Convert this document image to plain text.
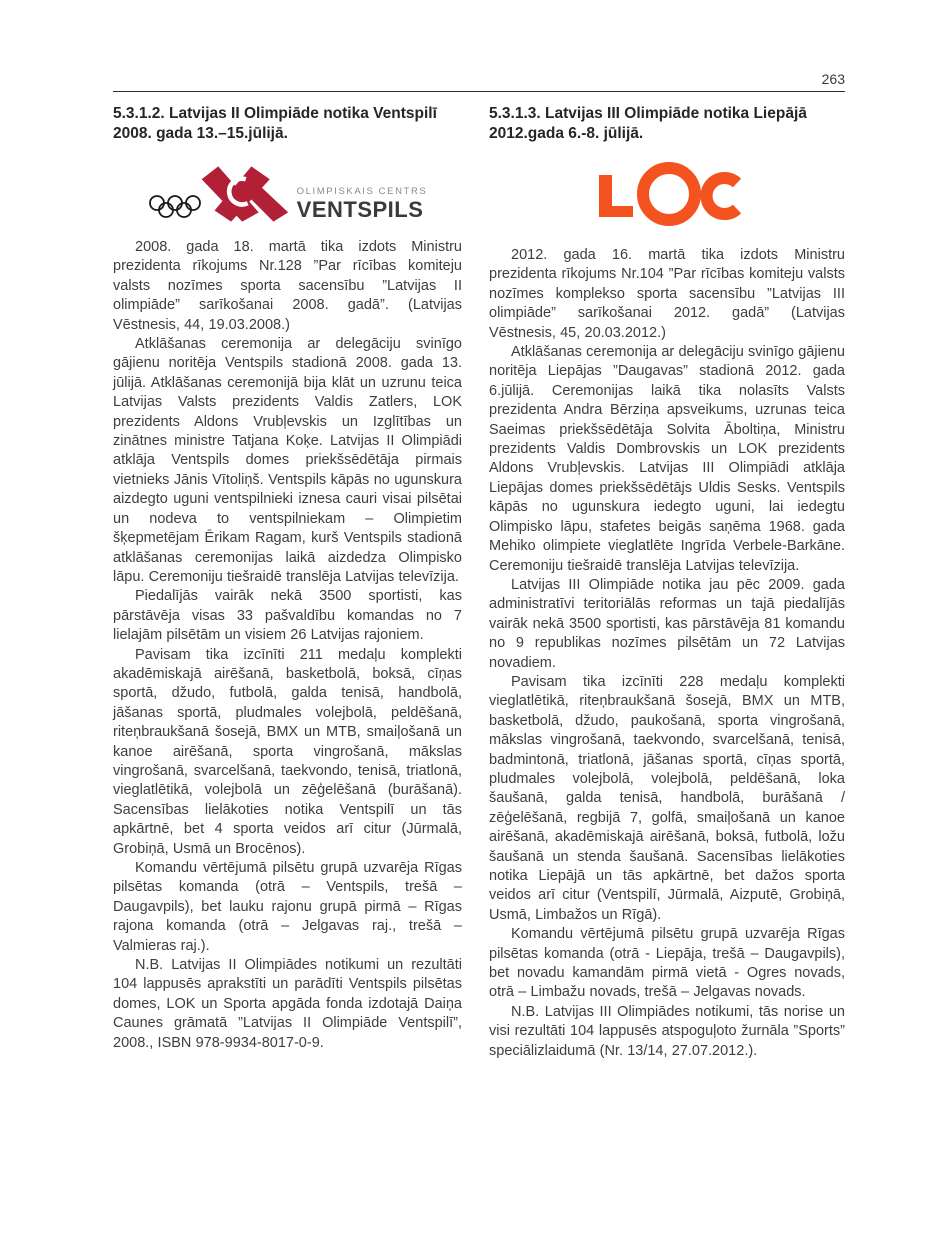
263
5.3.1.2. Latvijas II Olimpiāde notika Ventspilī
2008. gada 13.–15.jūlijā.
OLIMPISKAIS CENTRS
VENTSPILS

2008. gada 18. martā tika izdots Ministru prezidenta rīkojums Nr.128 ”Par rīcības komiteju valsts nozīmes sporta sacensību ”Latvijas II olimpiāde” sarīkošanai 2008. gadā”. (Latvijas Vēstnesis, 44, 19.03.2008.)

Atklāšanas ceremonija ar delegāciju svinīgo gājienu noritēja Ventspils stadionā 2008. gada 13. jūlijā. Atklāšanas ceremonijā bija klāt un uzrunu teica Latvijas Valsts prezidents Valdis Zatlers, LOK prezidents Aldons Vrubļevskis un Izglītības un zinātnes ministre Tatjana Koķe. Latvijas II Olimpiādi atklāja Ventspils domes priekšsēdētāja pirmais vietnieks Jānis Vītoliņš. Ventspils kāpās no ugunskura aizdegto uguni ventspilnieki iznesa cauri visai pilsētai un nodeva to ventspilniekam – Olimpietim šķepmetējam Ērikam Ragam, kurš Ventspils stadionā atklāšanas ceremonijas laikā aizdedza Olimpisko lāpu. Ceremoniju tiešraidē translēja Latvijas televīzija.

Piedalījās vairāk nekā 3500 sportisti, kas pārstāvēja visas 33 pašvaldību komandas no 7 lielajām pilsētām un visiem 26 Latvijas rajoniem.

Pavisam tika izcīnīti 211 medaļu komplekti akadēmiskajā airēšanā, basketbolā, boksā, cīņas sportā, džudo, futbolā, galda tenisā, handbolā, jāšanas sportā, pludmales volejbolā, peldēšanā, riteņbraukšanā šosejā, BMX un MTB, smaiļošanā un kanoe airēšanā, sporta vingrošanā, mākslas vingrošanā, svarcelšanā, taekvondo, tenisā, triatlonā, vieglatlētikā, volejbolā un zēģelēšanā (burāšanā). Sacensības lielākoties notika Ventspilī un tās apkārtnē, bet 4 sporta veidos arī citur (Jūrmalā, Grobiņā, Usmā un Brocēnos).

Komandu vērtējumā pilsētu grupā uzvarēja Rīgas pilsētas komanda (otrā – Ventspils, trešā – Daugavpils), bet lauku rajonu grupā pirmā – Rīgas rajona komanda (otrā – Jelgavas raj., trešā – Valmieras raj.).

N.B. Latvijas II Olimpiādes notikumi un rezultāti 104 lappusēs aprakstīti un parādīti Ventspils pilsētas domes, LOK un Sporta apgāda fonda izdotajā Daiņa Caunes grāmatā ”Latvijas II Olimpiāde Ventspilī”, 2008., ISBN 978-9934-8017-0-9.

5.3.1.3. Latvijas III Olimpiāde notika Liepājā
2012.gada 6.-8. jūlijā.

2012. gada 16. martā tika izdots Ministru prezidenta rīkojums Nr.104 ”Par rīcības komiteju valsts nozīmes komplekso sporta sacensību ”Latvijas III olimpiāde” sarīkošanai 2012. gadā” (Latvijas Vēstnesis, 45, 20.03.2012.)

Atklāšanas ceremonija ar delegāciju svinīgo gājienu noritēja Liepājas ”Daugavas” stadionā 2012. gada 6.jūlijā. Ceremonijas laikā tika nolasīts Valsts prezidenta Andra Bērziņa apsveikums, uzrunas teica Saeimas priekšsēdētāja Solvita Āboltiņa, Ministru prezidents Valdis Dombrovskis un LOK prezidents Aldons Vrubļevskis. Latvijas III Olimpiādi atklāja Liepājas domes priekšsēdētājs Uldis Sesks. Ventspils kāpās no ugunskura iedegto uguni, lai iedegtu Olimpisko lāpu, stafetes beigās saņēma 1968. gada Mehiko olimpiete vieglatlēte Ingrīda Verbele-Barkāne. Ceremoniju tiešraidē translēja Latvijas televīzija.

Latvijas III Olimpiāde notika jau pēc 2009. gada administratīvi teritoriālās reformas un tajā piedalījās vairāk nekā 3500 sportisti, kas pārstāvēja 81 komandu no 9 republikas nozīmes pilsētām un 72 Latvijas novadiem.

Pavisam tika izcīnīti 228 medaļu komplekti vieglatlētikā, riteņbraukšanā šosejā, BMX un MTB, basketbolā, džudo, paukošanā, sporta vingrošanā, mākslas vingrošanā, taekvondo, svarcelšanā, tenisā, badmintonā, triatlonā, jāšanas sportā, cīņas sportā, pludmales volejbolā, volejbolā, peldēšanā, loka šaušanā, galda tenisā, handbolā, burāšanā / zēģelēšanā, regbijā 7, golfā, smaiļošanā un kanoe airēšanā, akadēmiskajā airēšanā, boksā, futbolā, ložu šaušanā un stenda šaušanā. Sacensības lielākoties notika Liepājā un tās apkārtnē, bet dažos sporta veidos arī citur (Ventspilī, Jūrmalā, Aizputē, Grobiņā, Usmā, Limbažos un Rīgā).

Komandu vērtējumā pilsētu grupā uzvarēja Rīgas pilsētas komanda (otrā - Liepāja, trešā – Daugavpils), bet novadu kamandām pirmā vietā - Ogres novads, otrā – Limbažu novads, trešā – Jelgavas novads.

N.B. Latvijas III Olimpiādes notikumi, tās norise un visi rezultāti 104 lappusēs atspoguļoto žurnāla ”Sports” speciālizlaidumā (Nr. 13/14, 27.07.2012.).
